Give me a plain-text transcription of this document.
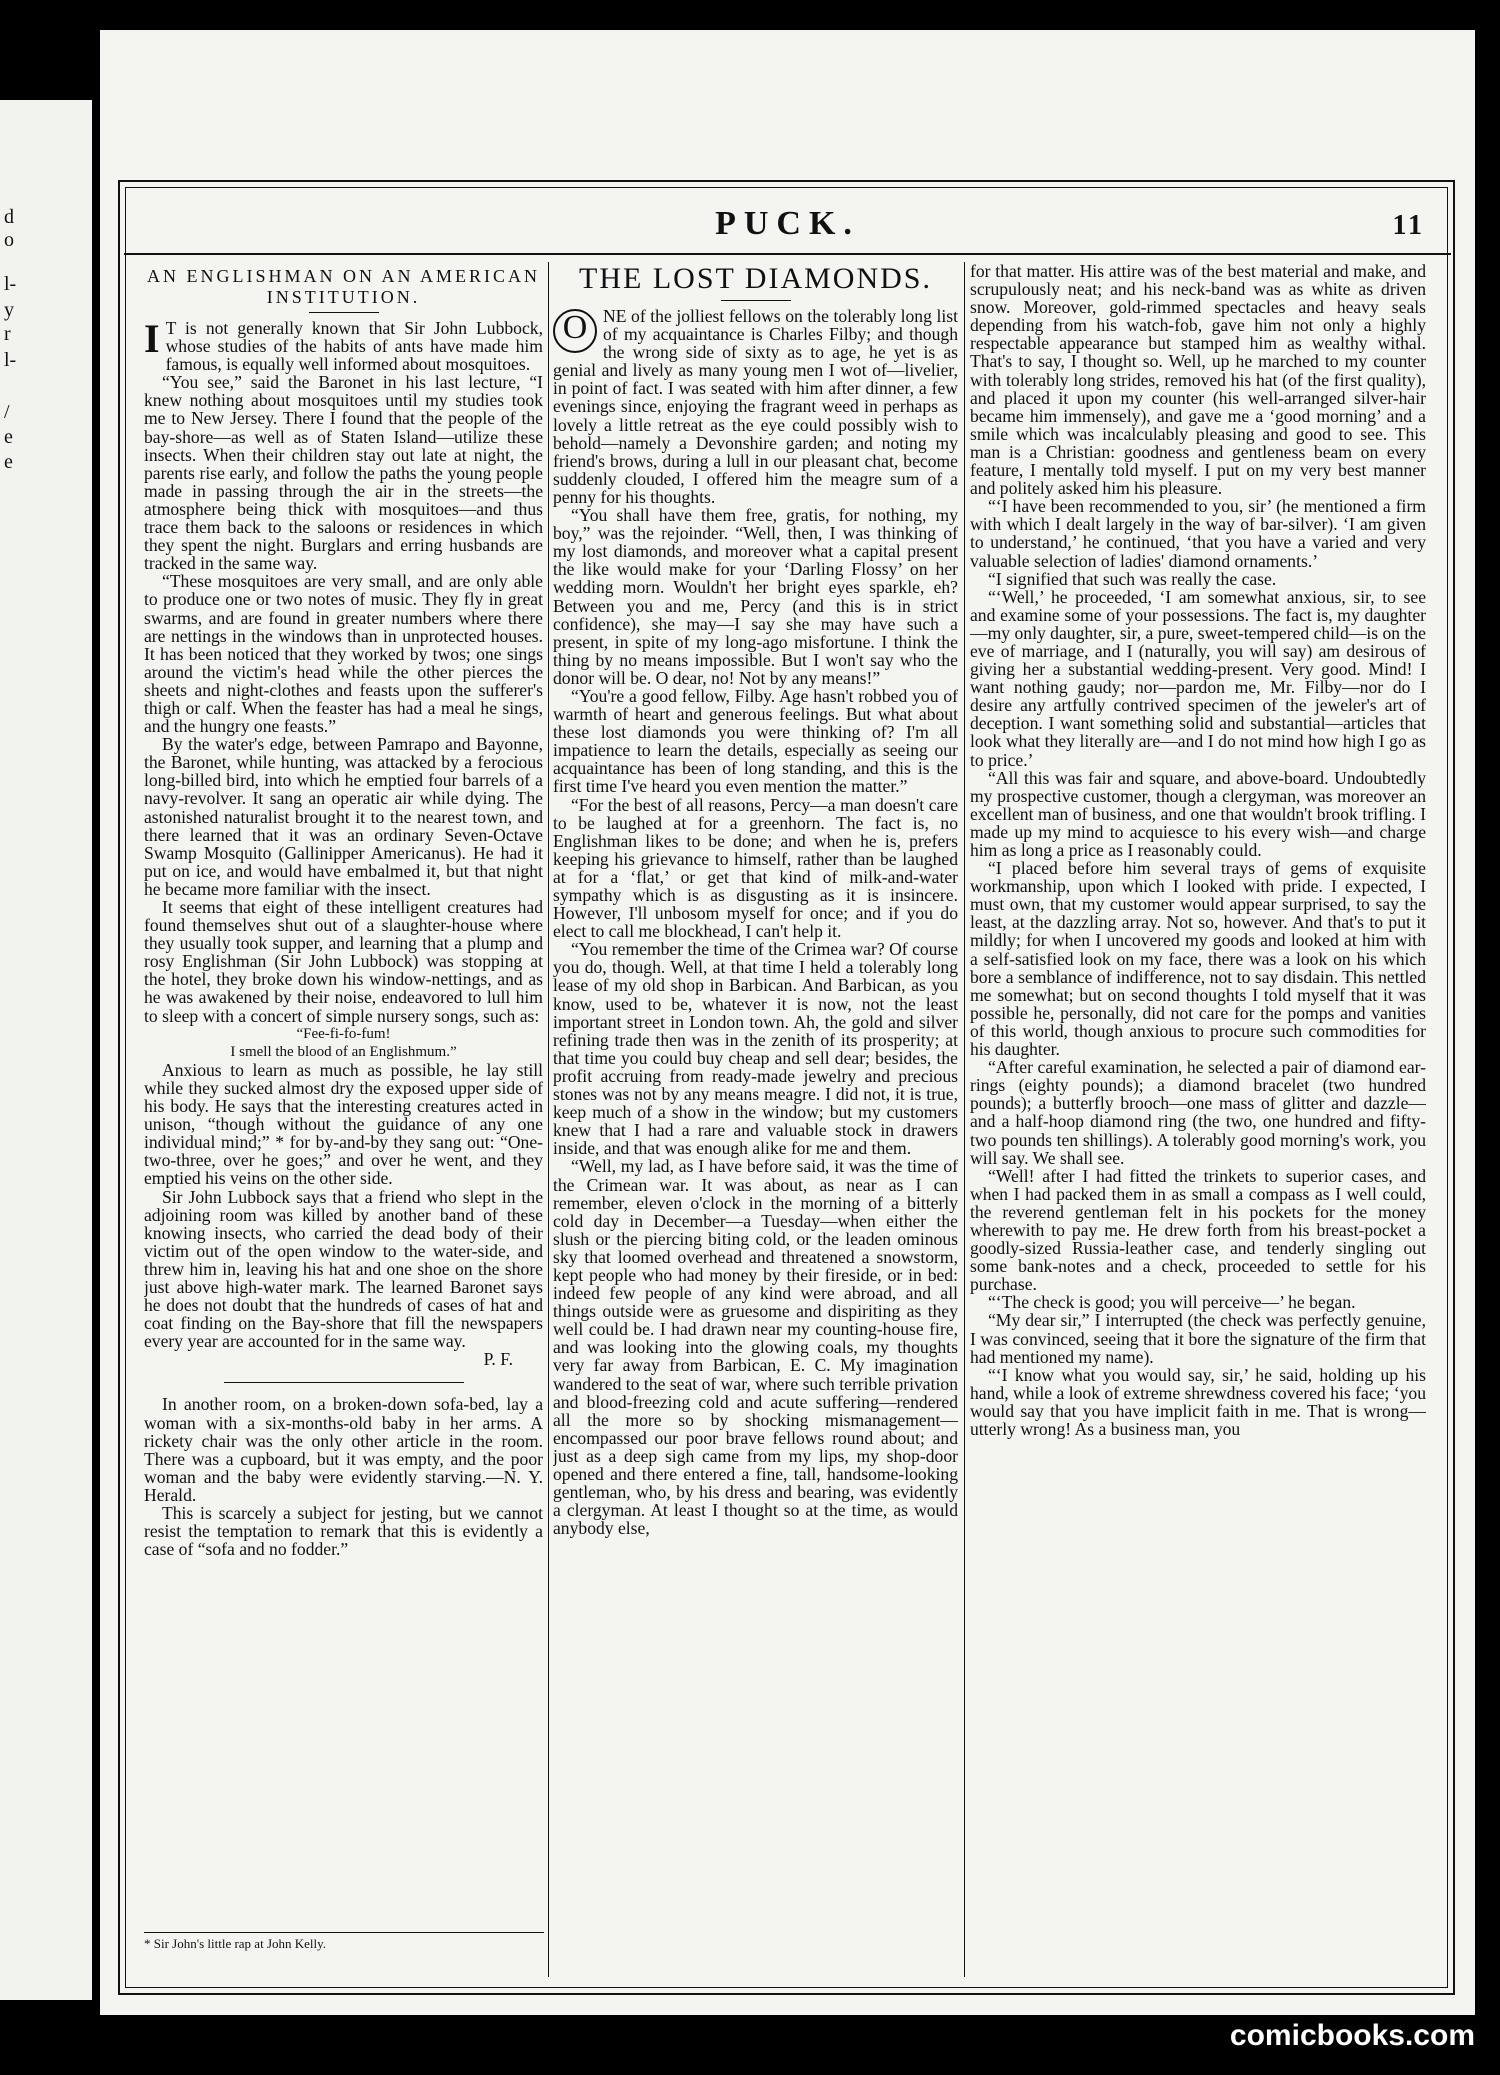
d
o
l-
y
r
l-
/
e
e
PUCK.	11
AN ENGLISHMAN ON AN AMERICAN INSTITUTION.

I T is not generally known that Sir John Lubbock, whose studies of the habits of ants have made him famous, is equally well informed about mosquitoes.

“You see,” said the Baronet in his last lecture, “I knew nothing about mosquitoes until my studies took me to New Jersey. There I found that the people of the bay-shore—as well as of Staten Island—utilize these insects. When their children stay out late at night, the parents rise early, and follow the paths the young people made in passing through the air in the streets—the atmosphere being thick with mosquitoes—and thus trace them back to the saloons or residences in which they spent the night. Burglars and erring husbands are tracked in the same way.

“These mosquitoes are very small, and are only able to produce one or two notes of music. They fly in great swarms, and are found in greater numbers where there are nettings in the windows than in unprotected houses. It has been noticed that they worked by twos; one sings around the victim's head while the other pierces the sheets and night-clothes and feasts upon the sufferer's thigh or calf. When the feaster has had a meal he sings, and the hungry one feasts.”

By the water's edge, between Pamrapo and Bayonne, the Baronet, while hunting, was attacked by a ferocious long-billed bird, into which he emptied four barrels of a navy-revolver. It sang an operatic air while dying. The astonished naturalist brought it to the nearest town, and there learned that it was an ordinary Seven-Octave Swamp Mosquito (Gallinipper Americanus). He had it put on ice, and would have embalmed it, but that night he became more familiar with the insect.

It seems that eight of these intelligent creatures had found themselves shut out of a slaughter-house where they usually took supper, and learning that a plump and rosy Englishman (Sir John Lubbock) was stopping at the hotel, they broke down his window-nettings, and as he was awakened by their noise, endeavored to lull him to sleep with a concert of simple nursery songs, such as:

“Fee-fi-fo-fum!

I smell the blood of an Englishmum.”

Anxious to learn as much as possible, he lay still while they sucked almost dry the exposed upper side of his body. He says that the interesting creatures acted in unison, “though without the guidance of any one individual mind;” * for by-and-by they sang out: “One-two-three, over he goes;” and over he went, and they emptied his veins on the other side.

Sir John Lubbock says that a friend who slept in the adjoining room was killed by another band of these knowing insects, who carried the dead body of their victim out of the open window to the water-side, and threw him in, leaving his hat and one shoe on the shore just above high-water mark. The learned Baronet says he does not doubt that the hundreds of cases of hat and coat finding on the Bay-shore that fill the newspapers every year are accounted for in the same way.

P. F.

In another room, on a broken-down sofa-bed, lay a woman with a six-months-old baby in her arms. A rickety chair was the only other article in the room. There was a cupboard, but it was empty, and the poor woman and the baby were evidently starving.—N. Y. Herald.

This is scarcely a subject for jesting, but we cannot resist the temptation to remark that this is evidently a case of “sofa and no fodder.”

* Sir John's little rap at John Kelly.
THE LOST DIAMONDS.

O NE of the jolliest fellows on the tolerably long list of my acquaintance is Charles Filby; and though the wrong side of sixty as to age, he yet is as genial and lively as many young men I wot of—livelier, in point of fact. I was seated with him after dinner, a few evenings since, enjoying the fragrant weed in perhaps as lovely a little retreat as the eye could possibly wish to behold—namely a Devonshire garden; and noting my friend's brows, during a lull in our pleasant chat, become suddenly clouded, I offered him the meagre sum of a penny for his thoughts.

“You shall have them free, gratis, for nothing, my boy,” was the rejoinder. “Well, then, I was thinking of my lost diamonds, and moreover what a capital present the like would make for your ‘Darling Flossy’ on her wedding morn. Wouldn't her bright eyes sparkle, eh? Between you and me, Percy (and this is in strict confidence), she may—I say she may have such a present, in spite of my long-ago misfortune. I think the thing by no means impossible. But I won't say who the donor will be. O dear, no! Not by any means!”

“You're a good fellow, Filby. Age hasn't robbed you of warmth of heart and generous feelings. But what about these lost diamonds you were thinking of? I'm all impatience to learn the details, especially as seeing our acquaintance has been of long standing, and this is the first time I've heard you even mention the matter.”

“For the best of all reasons, Percy—a man doesn't care to be laughed at for a greenhorn. The fact is, no Englishman likes to be done; and when he is, prefers keeping his grievance to himself, rather than be laughed at for a ‘flat,’ or get that kind of milk-and-water sympathy which is as disgusting as it is insincere. However, I'll unbosom myself for once; and if you do elect to call me blockhead, I can't help it.

“You remember the time of the Crimea war? Of course you do, though. Well, at that time I held a tolerably long lease of my old shop in Barbican. And Barbican, as you know, used to be, whatever it is now, not the least important street in London town. Ah, the gold and silver refining trade then was in the zenith of its prosperity; at that time you could buy cheap and sell dear; besides, the profit accruing from ready-made jewelry and precious stones was not by any means meagre. I did not, it is true, keep much of a show in the window; but my customers knew that I had a rare and valuable stock in drawers inside, and that was enough alike for me and them.

“Well, my lad, as I have before said, it was the time of the Crimean war. It was about, as near as I can remember, eleven o'clock in the morning of a bitterly cold day in December—a Tuesday—when either the slush or the piercing biting cold, or the leaden ominous sky that loomed overhead and threatened a snowstorm, kept people who had money by their fireside, or in bed: indeed few people of any kind were abroad, and all things outside were as gruesome and dispiriting as they well could be. I had drawn near my counting-house fire, and was looking into the glowing coals, my thoughts very far away from Barbican, E. C. My imagination wandered to the seat of war, where such terrible privation and blood-freezing cold and acute suffering—rendered all the more so by shocking mismanagement—encompassed our poor brave fellows round about; and just as a deep sigh came from my lips, my shop-door opened and there entered a fine, tall, handsome-looking gentleman, who, by his dress and bearing, was evidently a clergyman. At least I thought so at the time, as would anybody else,

for that matter. His attire was of the best material and make, and scrupulously neat; and his neck-band was as white as driven snow. Moreover, gold-rimmed spectacles and heavy seals depending from his watch-fob, gave him not only a highly respectable appearance but stamped him as wealthy withal. That's to say, I thought so. Well, up he marched to my counter with tolerably long strides, removed his hat (of the first quality), and placed it upon my counter (his well-arranged silver-hair became him immensely), and gave me a ‘good morning’ and a smile which was incalculably pleasing and good to see. This man is a Christian: goodness and gentleness beam on every feature, I mentally told myself. I put on my very best manner and politely asked him his pleasure.

“‘I have been recommended to you, sir’ (he mentioned a firm with which I dealt largely in the way of bar-silver). ‘I am given to understand,’ he continued, ‘that you have a varied and very valuable selection of ladies' diamond ornaments.’

“I signified that such was really the case.

“‘Well,’ he proceeded, ‘I am somewhat anxious, sir, to see and examine some of your possessions. The fact is, my daughter—my only daughter, sir, a pure, sweet-tempered child—is on the eve of marriage, and I (naturally, you will say) am desirous of giving her a substantial wedding-present. Very good. Mind! I want nothing gaudy; nor—pardon me, Mr. Filby—nor do I desire any artfully contrived specimen of the jeweler's art of deception. I want something solid and substantial—articles that look what they literally are—and I do not mind how high I go as to price.’

“All this was fair and square, and above-board. Undoubtedly my prospective customer, though a clergyman, was moreover an excellent man of business, and one that wouldn't brook trifling. I made up my mind to acquiesce to his every wish—and charge him as long a price as I reasonably could.

“I placed before him several trays of gems of exquisite workmanship, upon which I looked with pride. I expected, I must own, that my customer would appear surprised, to say the least, at the dazzling array. Not so, however. And that's to put it mildly; for when I uncovered my goods and looked at him with a self-satisfied look on my face, there was a look on his which bore a semblance of indifference, not to say disdain. This nettled me somewhat; but on second thoughts I told myself that it was possible he, personally, did not care for the pomps and vanities of this world, though anxious to procure such commodities for his daughter.

“After careful examination, he selected a pair of diamond ear-rings (eighty pounds); a diamond bracelet (two hundred pounds); a butterfly brooch—one mass of glitter and dazzle—and a half-hoop diamond ring (the two, one hundred and fifty-two pounds ten shillings). A tolerably good morning's work, you will say. We shall see.

“Well! after I had fitted the trinkets to superior cases, and when I had packed them in as small a compass as I well could, the reverend gentleman felt in his pockets for the money wherewith to pay me. He drew forth from his breast-pocket a goodly-sized Russia-leather case, and tenderly singling out some bank-notes and a check, proceeded to settle for his purchase.

“‘The check is good; you will perceive—’ he began.

“My dear sir,” I interrupted (the check was perfectly genuine, I was convinced, seeing that it bore the signature of the firm that had mentioned my name).

“‘I know what you would say, sir,’ he said, holding up his hand, while a look of extreme shrewdness covered his face; ‘you would say that you have implicit faith in me. That is wrong—utterly wrong! As a business man, you

comicbooks.com
